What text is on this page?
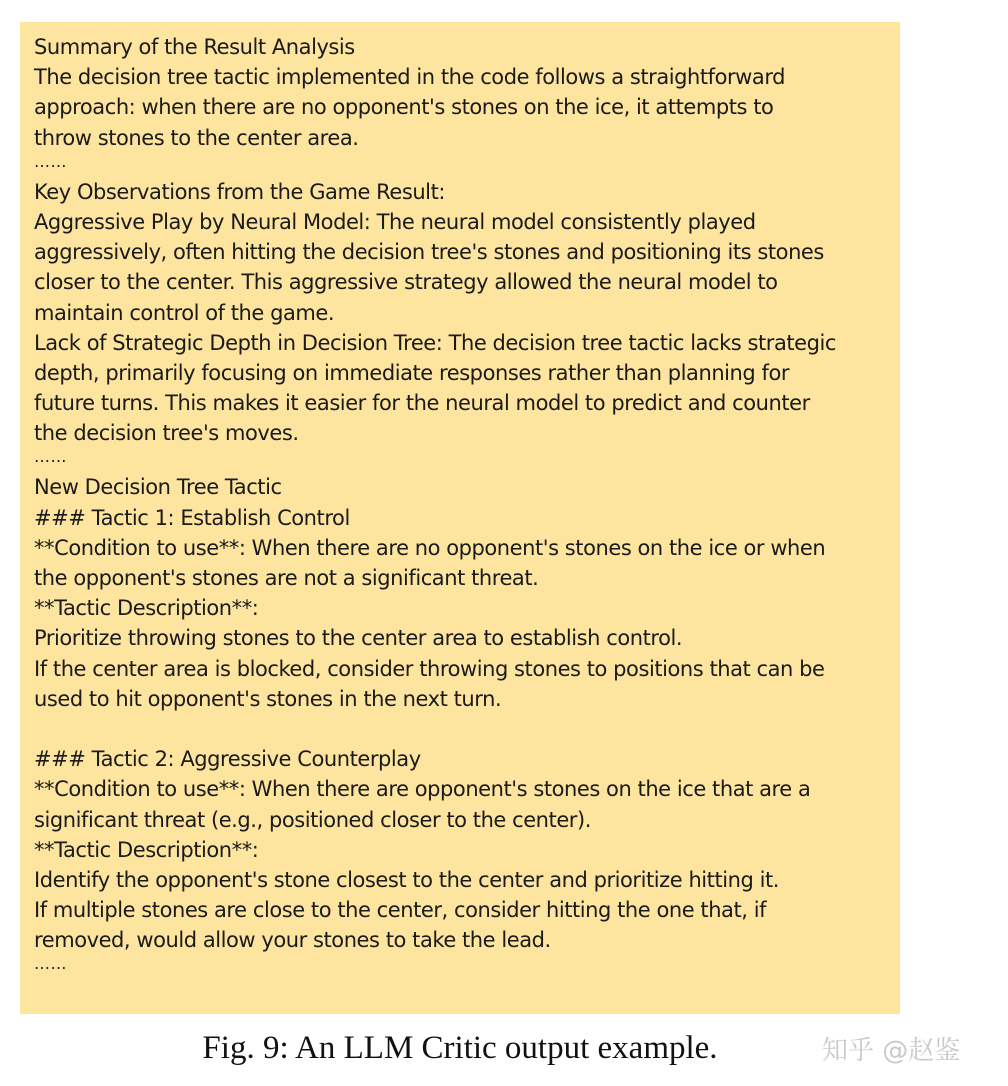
Summary of the Result Analysis
The decision tree tactic implemented in the code follows a straightforward
approach: when there are no opponent's stones on the ice, it attempts to
throw stones to the center area.
……
Key Observations from the Game Result:
Aggressive Play by Neural Model: The neural model consistently played
aggressively, often hitting the decision tree's stones and positioning its stones
closer to the center. This aggressive strategy allowed the neural model to
maintain control of the game.
Lack of Strategic Depth in Decision Tree: The decision tree tactic lacks strategic
depth, primarily focusing on immediate responses rather than planning for
future turns. This makes it easier for the neural model to predict and counter
the decision tree's moves.
……
New Decision Tree Tactic
### Tactic 1: Establish Control
**Condition to use**: When there are no opponent's stones on the ice or when
the opponent's stones are not a significant threat.
**Tactic Description**:
Prioritize throwing stones to the center area to establish control.
If the center area is blocked, consider throwing stones to positions that can be
used to hit opponent's stones in the next turn.
### Tactic 2: Aggressive Counterplay
**Condition to use**: When there are opponent's stones on the ice that are a
significant threat (e.g., positioned closer to the center).
**Tactic Description**:
Identify the opponent's stone closest to the center and prioritize hitting it.
If multiple stones are close to the center, consider hitting the one that, if
removed, would allow your stones to take the lead.
……
Fig. 9: An LLM Critic output example.	知乎 @赵鉴
